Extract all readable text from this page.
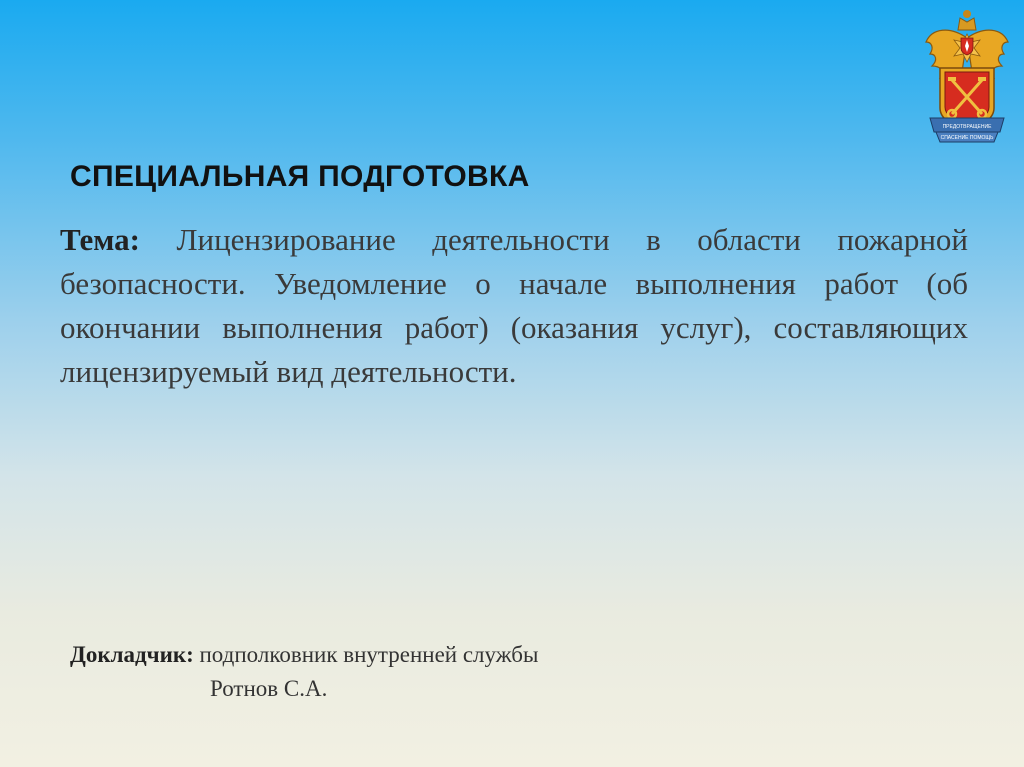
ПРЕДОТВРАЩЕНИЕ
СПАСЕНИЕ ПОМОЩЬ
СПЕЦИАЛЬНАЯ ПОДГОТОВКА
Тема: Лицензирование деятельности в области пожарной безопасности. Уведомление о начале выполнения работ (об окончании выполнения работ) (оказания услуг), составляющих лицензируемый вид деятельности.
Докладчик: подполковник внутренней службы
Ротнов С.А.
